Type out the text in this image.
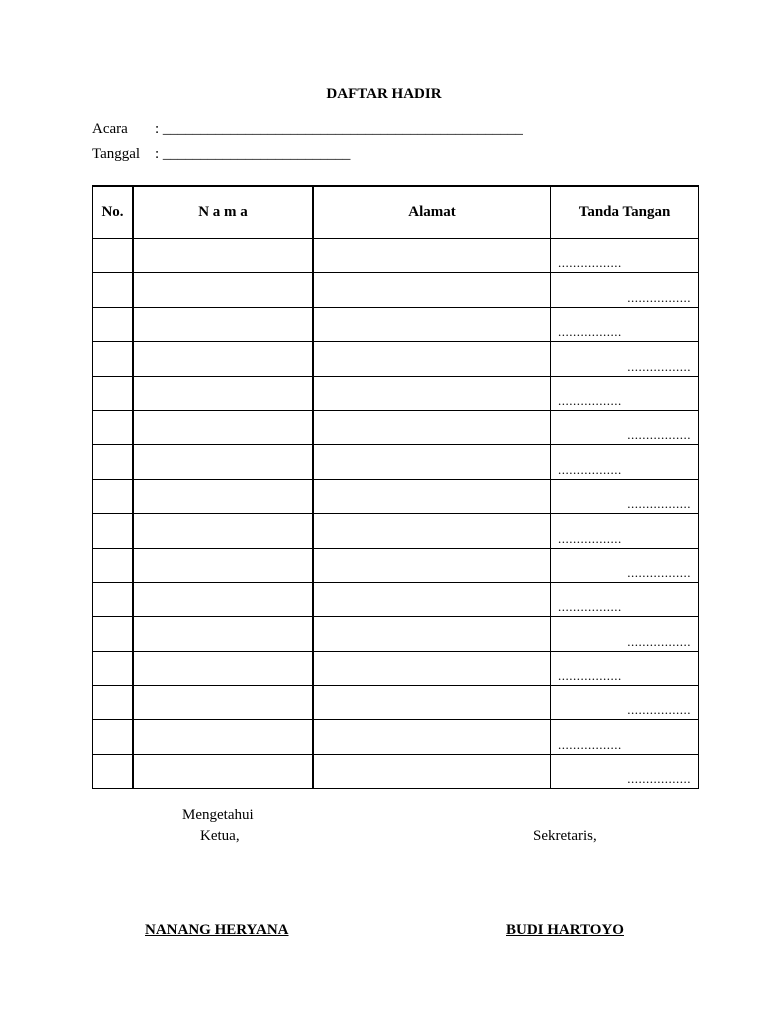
DAFTAR HADIR
Acara : ________________________________________________
Tanggal : _________________________
No.	N a m a	Alamat	Tanda Tangan

			.................

			.................

			.................

			.................

			.................

			.................

			.................

			.................

			.................

			.................

			.................

			.................

			.................

			.................

			.................

			.................
Mengetahui
Ketua,	Sekretaris,
NANANG HERYANA	BUDI HARTOYO
